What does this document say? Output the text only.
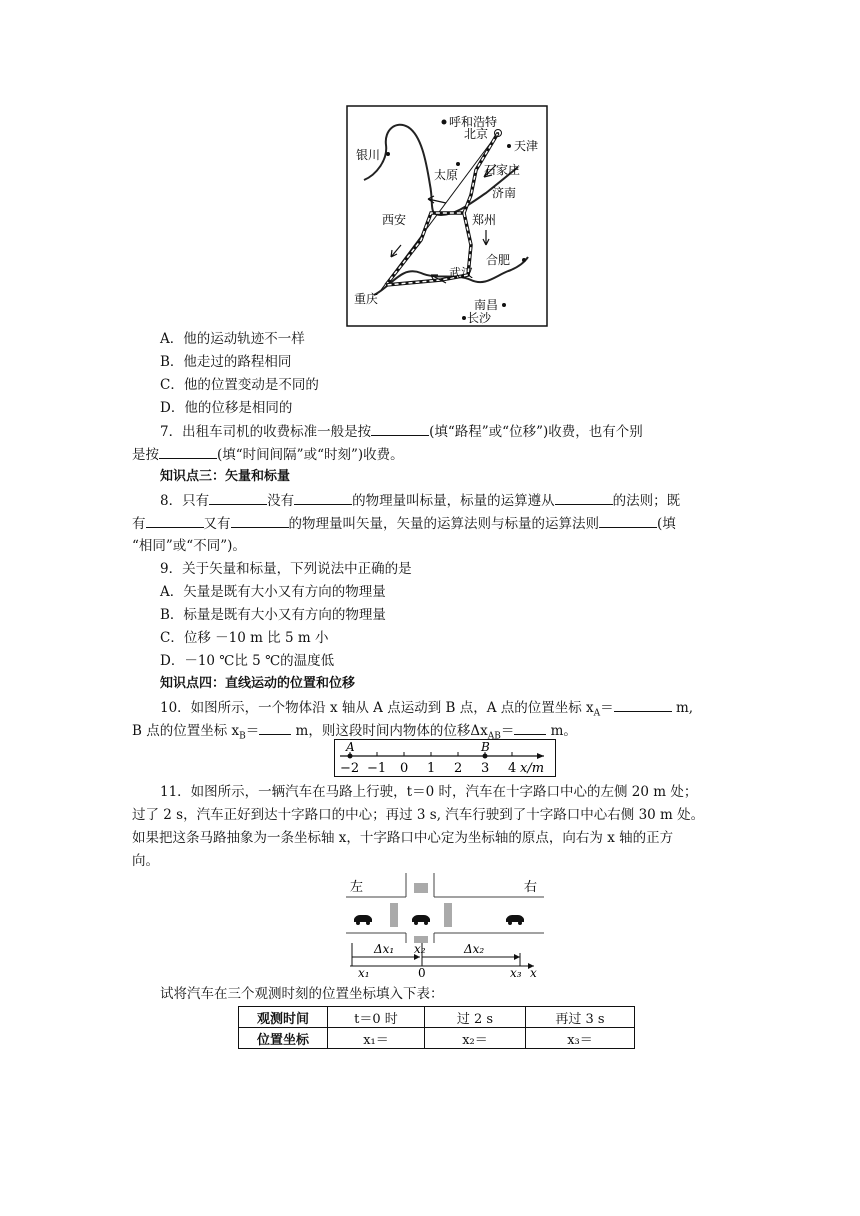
呼和浩特
北京
天津
银川
太原 石家庄
济南
西安	郑州
合肥
武汉
重庆	南昌
长沙
A．他的运动轨迹不一样
B．他走过的路程相同
C．他的位置变动是不同的
D．他的位移是相同的
7．出租车司机的收费标准一般是按	(填“路程”或“位移”)收费，也有个别
是按	(填“时间间隔”或“时刻”)收费。
知识点三：矢量和标量
8．只有	没有	的物理量叫标量，标量的运算遵从	的法则；既
有	又有	的物理量叫矢量，矢量的运算法则与标量的运算法则	(填
“相同”或“不同”)。
9．关于矢量和标量，下列说法中正确的是
A．矢量是既有大小又有方向的物理量
B．标量是既有大小又有方向的物理量
C．位移 －10 m 比 5 m 小
D．－10 ℃比 5 ℃的温度低
知识点四：直线运动的位置和位移
10．如图所示，一个物体沿 x 轴从 A 点运动到 B 点，A 点的位置坐标 $x_A=$	m,
B 点的位置坐标 $x_B= m$，则这段时间内物体的位移$\Delta x_{AB}= m$。
A	B
−2 −1 0 1 2 3 4 x/m
11．如图所示，一辆汽车在马路上行驶，t＝0 时，汽车在十字路口中心的左侧 20 m 处；
过了 2 s，汽车正好到达十字路口的中心；再过 3 s, 汽车行驶到了十字路口中心右侧 30 m 处。
如果把这条马路抽象为一条坐标轴 x，十字路口中心定为坐标轴的原点，向右为 x 轴的正方
向。
左	右
Δx₁	Δx₂
x₂
x₁	0	x₃ x
试将汽车在三个观测时刻的位置坐标填入下表：
观测时间	t＝0 时	过 2 s	再过 3 s
位置坐标	x₁＝	x₂＝	x₃＝
